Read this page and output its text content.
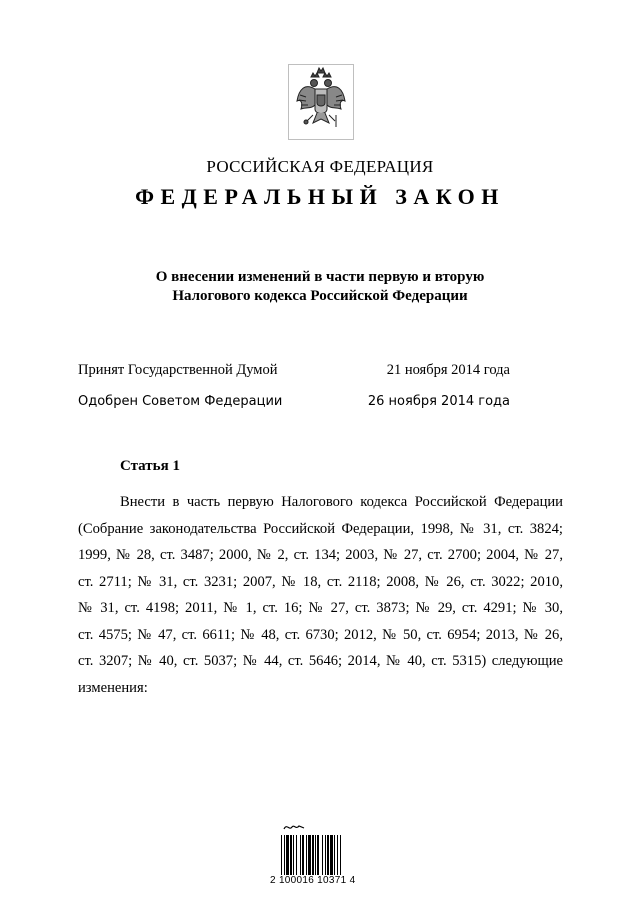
РОССИЙСКАЯ ФЕДЕРАЦИЯ
ФЕДЕРАЛЬНЫЙ ЗАКОН
О внесении изменений в части первую и вторую
Налогового кодекса Российской Федерации
Принят Государственной Думой	21 ноября 2014 года
Одобрен Советом Федерации	26 ноября 2014 года
Статья 1
Внести в часть первую Налогового кодекса Российской Федерации
(Собрание законодательства Российской Федерации, 1998, № 31, ст. 3824;
1999, № 28, ст. 3487; 2000, № 2, ст. 134; 2003, № 27, ст. 2700; 2004, № 27,
ст. 2711; № 31, ст. 3231; 2007, № 18, ст. 2118; 2008, № 26, ст. 3022; 2010,
№ 31, ст. 4198; 2011, № 1, ст. 16; № 27, ст. 3873; № 29, ст. 4291; № 30,
ст. 4575; № 47, ст. 6611; № 48, ст. 6730; 2012, № 50, ст. 6954; 2013, № 26,
ст. 3207; № 40, ст. 5037; № 44, ст. 5646; 2014, № 40, ст. 5315) следующие
изменения:
2 100016 10371 4
